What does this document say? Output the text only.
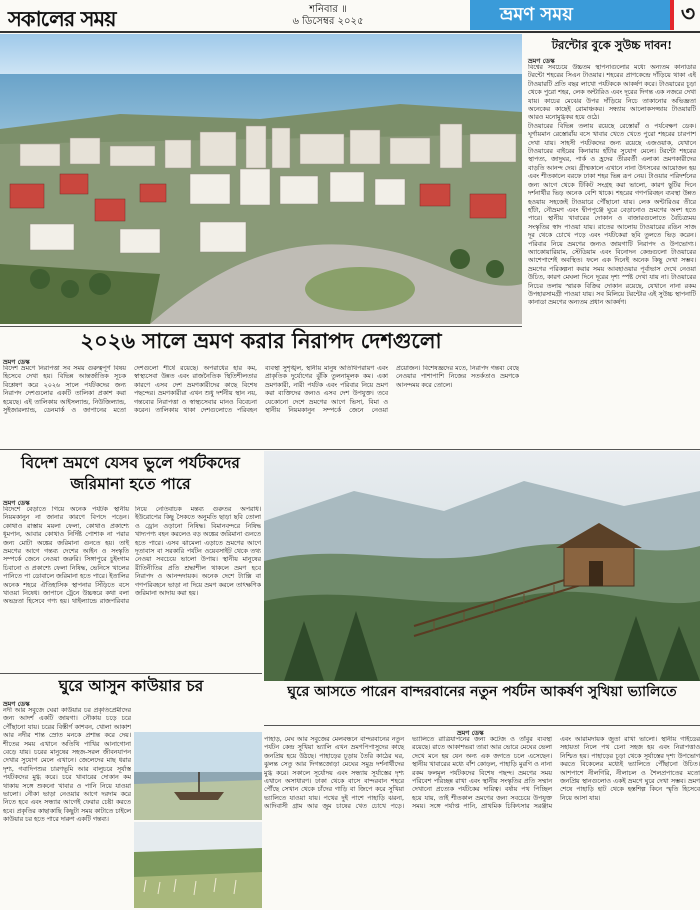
সকালের সময়	শনিবার ॥
৬ ডিসেম্বর ২০২৫	ভ্রমণ সময়	৩
টরন্টোর বুকে সুউচ্চ দাবন!
ভ্রমণ ডেস্ক
বিশ্বের সবচেয়ে উচ্চতম স্থাপনাগুলোর মধ্যে অন্যতম কানাডার টরন্টো শহরের সিএন টাওয়ার। শহরের প্রাণকেন্দ্রে দাঁড়িয়ে থাকা এই টাওয়ারটি প্রতি বছর লাখো পর্যটককে আকর্ষণ করে। টাওয়ারের চূড়া থেকে পুরো শহর, লেক অন্টারিও এবং দূরের দিগন্ত এক নজরে দেখা যায়। কাচের মেঝের উপর দাঁড়িয়ে নিচে তাকানোর অভিজ্ঞতা অনেকের কাছেই রোমাঞ্চকর। সন্ধ্যায় আলোকসজ্জায় টাওয়ারটি আরও মনোমুগ্ধকর হয়ে ওঠে।
টাওয়ারের বিভিন্ন তলায় রয়েছে রেস্তোরাঁ ও পর্যবেক্ষণ ডেক। ঘূর্ণায়মান রেস্তোরাঁয় বসে খাবার খেতে খেতে পুরো শহরের চারপাশ দেখা যায়। সাহসী পর্যটকদের জন্য রয়েছে এজওয়াক, যেখানে টাওয়ারের বাইরের কিনারায় হাঁটার সুযোগ মেলে। টরন্টো শহরের স্থাপত্য, জাদুঘর, পার্ক ও হ্রদের তীরবর্তী এলাকা ভ্রমণকারীদের বাড়তি আনন্দ দেয়। গ্রীষ্মকালে এখানে নানা উৎসবের আয়োজন হয় এবং শীতকালে বরফে ঢাকা শহর ভিন্ন রূপ নেয়। টাওয়ার পরিদর্শনের জন্য আগে থেকে টিকিট সংগ্রহ করা ভালো, কারণ ছুটির দিনে দর্শনার্থীর ভিড় অনেক বেশি থাকে। শহরের গণপরিবহন ব্যবস্থা উন্নত হওয়ায় সহজেই টাওয়ারে পৌঁছানো যায়। লেক অন্টারিওর তীরে হাঁটা, নৌভ্রমণ এবং দ্বীপপুঞ্জে ঘুরে বেড়ানোও ভ্রমণের অংশ হতে পারে। স্থানীয় খাবারের দোকান ও বাজারগুলোতে বৈচিত্র্যময় সংস্কৃতির স্বাদ পাওয়া যায়। রাতের আলোয় টাওয়ারের রঙিন সাজ দূর থেকে চোখে পড়ে এবং পর্যটকেরা ছবি তুলতে ভিড় করেন। পরিবার নিয়ে ভ্রমণের জন্যও জায়গাটি নিরাপদ ও উপভোগ্য। অ্যাকোয়ারিয়াম, স্টেডিয়াম এবং বিনোদন কেন্দ্রগুলো টাওয়ারের আশেপাশেই অবস্থিত। ফলে এক দিনেই অনেক কিছু দেখা সম্ভব। ভ্রমণের পরিকল্পনা করার সময় আবহাওয়ার পূর্বাভাস দেখে নেওয়া উচিত, কারণ মেঘলা দিনে দূরের দৃশ্য স্পষ্ট দেখা যায় না। টাওয়ারের নিচের তলায় স্মারক বিক্রির দোকান রয়েছে, যেখানে নানা রকম উপহারসামগ্রী পাওয়া যায়। সব মিলিয়ে টরন্টোর এই সুউচ্চ স্থাপনাটি কানাডা ভ্রমণের অন্যতম প্রধান আকর্ষণ।
২০২৬ সালে ভ্রমণ করার নিরাপদ দেশগুলো
ভ্রমণ ডেস্ক
বিদেশ ভ্রমণে নিরাপত্তা সব সময় গুরুত্বপূর্ণ বিষয় হিসেবে দেখা হয়। বিভিন্ন আন্তর্জাতিক সূচক বিশ্লেষণ করে ২০২৬ সালে পর্যটকদের জন্য নিরাপদ দেশগুলোর একটি তালিকা প্রকাশ করা হয়েছে। এই তালিকায় আইসল্যান্ড, নিউজিল্যান্ড, সুইজারল্যান্ড, ডেনমার্ক ও জাপানের মতো দেশগুলো শীর্ষে রয়েছে। অপরাধের হার কম, স্বাস্থ্যসেবা উন্নত এবং রাজনৈতিক স্থিতিশীলতার কারণে এসব দেশ ভ্রমণকারীদের কাছে বিশেষ পছন্দের। ভ্রমণকারীরা এখন শুধু দর্শনীয় স্থান নয়, গন্তব্যের নিরাপত্তা ও স্বাস্থ্যসেবার মানও বিবেচনা করেন। তালিকায় থাকা দেশগুলোতে পরিবহন ব্যবস্থা সুশৃঙ্খল, স্থানীয় মানুষ অতিথিপরায়ণ এবং প্রাকৃতিক দুর্যোগের ঝুঁকি তুলনামূলক কম। একা ভ্রমণকারী, নারী পর্যটক এবং পরিবার নিয়ে ভ্রমণ করা ব্যক্তিদের জন্যও এসব দেশ উপযুক্ত। তবে যেকোনো দেশে ভ্রমণের আগে ভিসা, বিমা ও স্থানীয় নিয়মকানুন সম্পর্কে জেনে নেওয়া প্রয়োজন। বিশেষজ্ঞদের মতে, নিরাপদ গন্তব্য বেছে নেওয়ার পাশাপাশি নিজের সতর্কতাও ভ্রমণকে আনন্দময় করে তোলে।
বিদেশ ভ্রমণে যেসব ভুলে পর্যটকদের জরিমানা হতে পারে
ভ্রমণ ডেস্ক
বিদেশে বেড়াতে গিয়ে অনেক পর্যটক স্থানীয় নিয়মকানুন না জানার কারণে বিপদে পড়েন। কোথাও রাস্তায় ময়লা ফেলা, কোথাও প্রকাশ্যে ধূমপান, আবার কোথাও নির্দিষ্ট পোশাক না পরার জন্য মোটা অঙ্কের জরিমানা গুনতে হয়। তাই ভ্রমণের আগে গন্তব্য দেশের আইন ও সংস্কৃতি সম্পর্কে জেনে নেওয়া জরুরি। সিঙ্গাপুরে চুইংগাম চিবানো ও প্রকাশ্যে ফেলা নিষিদ্ধ, ভেনিসে খালের পানিতে পা ডোবালে জরিমানা হতে পারে। ইতালির অনেক শহরে ঐতিহাসিক স্থাপনার সিঁড়িতে বসে খাওয়া নিষেধ। জাপানে ট্রেনে উচ্চস্বরে কথা বলা অভদ্রতা হিসেবে গণ্য হয়। থাইল্যান্ডে রাজপরিবার নিয়ে নেতিবাচক মন্তব্য গুরুতর অপরাধ। ইউরোপের কিছু সৈকতে অনুমতি ছাড়া ছবি তোলা ও ড্রোন ওড়ানো নিষিদ্ধ। বিমানবন্দরে নিষিদ্ধ খাদ্যপণ্য বহন করলেও বড় অঙ্কের জরিমানা গুনতে হতে পারে। এসব ঝামেলা এড়াতে ভ্রমণের আগে দূতাবাস বা সরকারি পর্যটন ওয়েবসাইট থেকে তথ্য নেওয়া সবচেয়ে ভালো উপায়। স্থানীয় মানুষের রীতিনীতির প্রতি শ্রদ্ধাশীল থাকলে ভ্রমণ হবে নিরাপদ ও আনন্দদায়ক। অনেক দেশে ট্যাক্সি বা গণপরিবহনে ভাড়া না দিয়ে ভ্রমণ করলে তাৎক্ষণিক জরিমানা আদায় করা হয়।
ঘুরে আসতে পারেন বান্দরবানের নতুন পর্যটন আকর্ষণ সুখিয়া ভ্যালিতে
ভ্রমণ ডেস্ক
পাহাড়, মেঘ আর সবুজের মেলবন্ধনে বান্দরবানের নতুন পর্যটন কেন্দ্র সুখিয়া ভ্যালি এখন ভ্রমণপিপাসুদের কাছে জনপ্রিয় হয়ে উঠছে। পাহাড়ের চূড়ায় তৈরি কাঠের ঘর, ঝুলন্ত সেতু আর দিগন্তজোড়া মেঘের সমুদ্র দর্শনার্থীদের মুগ্ধ করে। সকালে সূর্যোদয় এবং সন্ধ্যায় সূর্যাস্তের দৃশ্য এখানে অসাধারণ। ঢাকা থেকে বাসে বান্দরবান শহরে পৌঁছে সেখান থেকে চাঁদের গাড়ি বা জিপে করে সুখিয়া ভ্যালিতে যাওয়া যায়। পথের দুই পাশে পাহাড়ি ঝরনা, আদিবাসী গ্রাম আর জুম চাষের খেত চোখে পড়ে। ভ্যালিতে রাত্রিযাপনের জন্য কটেজ ও তাঁবুর ব্যবস্থা রয়েছে। রাতে আকাশভরা তারা আর ভোরে মেঘের ভেলা দেখে মনে হয় যেন অন্য এক জগতে চলে এসেছেন। স্থানীয় খাবারের মধ্যে বাঁশ কোড়ল, পাহাড়ি মুরগি ও নানা রকম ফলমূল পর্যটকদের বিশেষ পছন্দ। ভ্রমণের সময় পরিবেশ পরিচ্ছন্ন রাখা এবং স্থানীয় সংস্কৃতির প্রতি সম্মান দেখানো প্রত্যেক পর্যটকের দায়িত্ব। বর্ষায় পথ পিচ্ছিল হয়ে যায়, তাই শীতকাল ভ্রমণের জন্য সবচেয়ে উপযুক্ত সময়। সঙ্গে পর্যাপ্ত পানি, প্রাথমিক চিকিৎসার সরঞ্জাম এবং আরামদায়ক জুতা রাখা ভালো। স্থানীয় গাইডের সহায়তা নিলে পথ চেনা সহজ হয় এবং নিরাপত্তাও নিশ্চিত হয়। পাহাড়ের চূড়া থেকে সূর্যাস্তের দৃশ্য উপভোগ করতে বিকেলের মধ্যেই ভ্যালিতে পৌঁছানো উচিত। আশপাশে নীলগিরি, নীলাচল ও শৈলপ্রপাতের মতো জনপ্রিয় স্থানগুলোও একই ভ্রমণে ঘুরে দেখা সম্ভব। ভ্রমণ শেষে পাহাড়ি হাট থেকে হস্তশিল্প কিনে স্মৃতি হিসেবে নিয়ে আসা যায়।
ঘুরে আসুন কাউয়ার চর
ভ্রমণ ডেস্ক
নদী আর সবুজে ঘেরা কাউয়ার চর প্রকৃতিপ্রেমীদের জন্য আদর্শ একটি জায়গা। নৌকায় চড়ে চরে পৌঁছানো যায়। চরের বিস্তীর্ণ কাশবন, খোলা আকাশ আর নদীর শান্ত স্রোত মনকে প্রশান্ত করে দেয়। শীতের সময় এখানে অতিথি পাখির আনাগোনা বেড়ে যায়। চরের মানুষের সহজ-সরল জীবনযাপন দেখার সুযোগ মেলে এখানে। জেলেদের মাছ ধরার দৃশ্য, গবাদিপশুর চারণভূমি আর বালুচরে সূর্যাস্ত পর্যটকদের মুগ্ধ করে। চরে খাবারের দোকান কম থাকায় সঙ্গে শুকনো খাবার ও পানি নিয়ে যাওয়া ভালো। নৌকা ভাড়া নেওয়ার আগে দরদাম করে নিতে হবে এবং সন্ধ্যার আগেই ফেরার চেষ্টা করতে হবে। প্রকৃতির কাছাকাছি কিছুটা সময় কাটাতে চাইলে কাউয়ার চর হতে পারে দারুণ একটি গন্তব্য।
